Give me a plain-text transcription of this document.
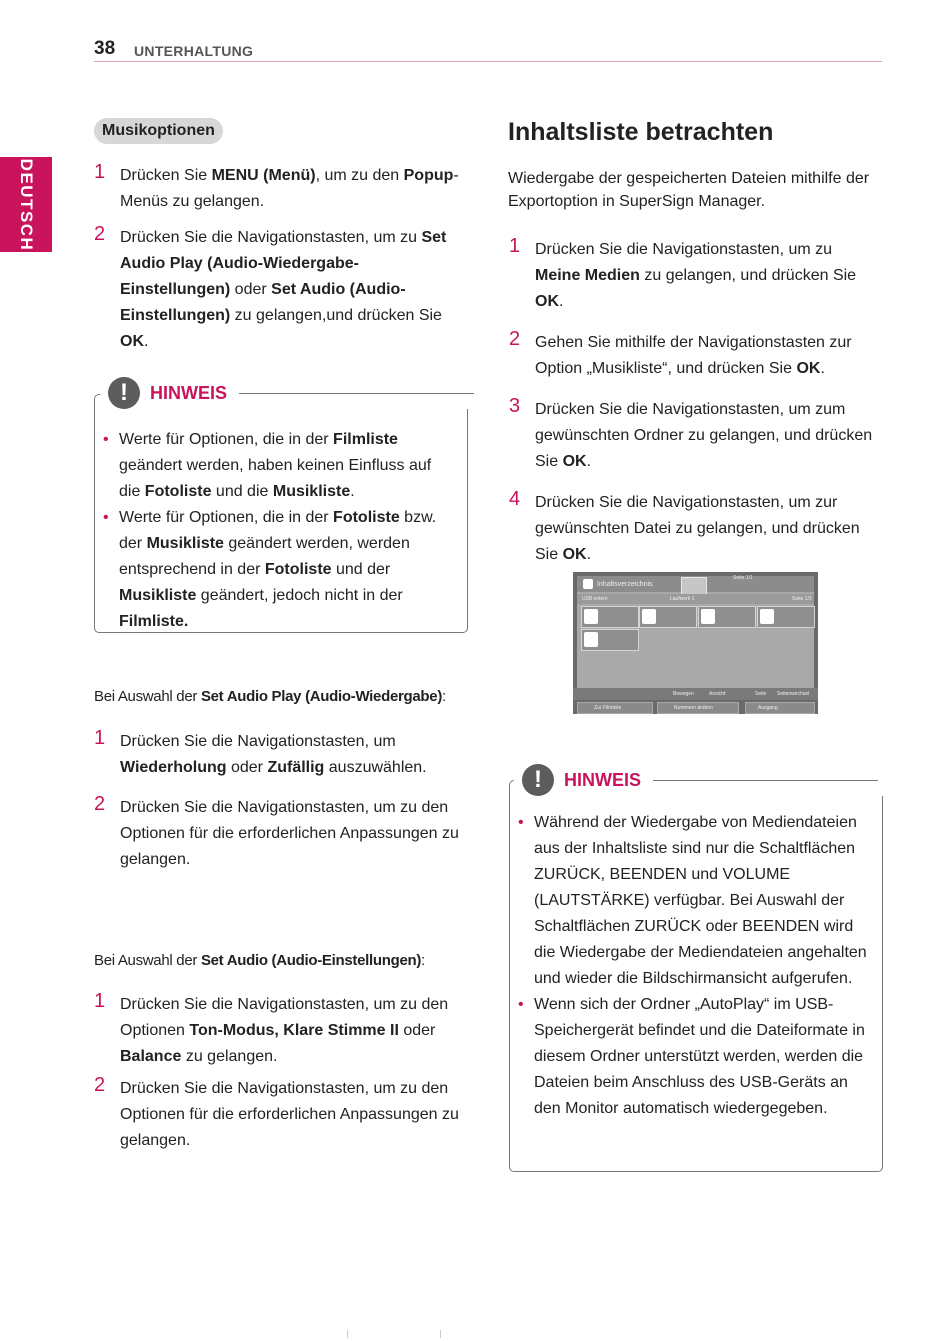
38 UNTERHALTUNG
DEUTSCH
Musikoptionen
1 Drücken Sie MENU (Menü), um zu den Popup-Menüs zu gelangen.
2 Drücken Sie die Navigationstasten, um zu Set Audio Play (Audio-Wiedergabe-Einstellungen) oder Set Audio (Audio-Einstellungen) zu gelangen,und drücken Sie OK.
!	HINWEIS
• Werte für Optionen, die in der Filmliste geändert werden, haben keinen Einfluss auf die Fotoliste und die Musikliste.
• Werte für Optionen, die in der Fotoliste bzw. der Musikliste geändert werden, werden entsprechend in der Fotoliste und der Musikliste geändert, jedoch nicht in der Filmliste.
Bei Auswahl der Set Audio Play (Audio-Wiedergabe):
1 Drücken Sie die Navigationstasten, um Wiederholung oder Zufällig auszuwählen.
2 Drücken Sie die Navigationstasten, um zu den Optionen für die erforderlichen Anpassungen zu gelangen.
Bei Auswahl der Set Audio (Audio-Einstellungen):
1 Drücken Sie die Navigationstasten, um zu den Optionen Ton-Modus, Klare Stimme II oder Balance zu gelangen.
2 Drücken Sie die Navigationstasten, um zu den Optionen für die erforderlichen Anpassungen zu gelangen.
Inhaltsliste betrachten
Wiedergabe der gespeicherten Dateien mithilfe der Exportoption in SuperSign Manager.
1 Drücken Sie die Navigationstasten, um zu Meine Medien zu gelangen, und drücken Sie OK.
2 Gehen Sie mithilfe der Navigationstasten zur Option „Musikliste“, und drücken Sie OK.
3 Drücken Sie die Navigationstasten, um zum gewünschten Ordner zu gelangen, und drücken Sie OK.
4 Drücken Sie die Navigationstasten, um zur gewünschten Datei zu gelangen, und drücken Sie OK.
Inhaltsverzeichnis
Seite 1/1
USB extern	Laufwerk 1	Seite 1/1
Bewegen	Ansicht	Seite Seitenwechsel
Zur Filmliste	Nummern ändern	Ausgang
!	HINWEIS
• Während der Wiedergabe von Mediendateien aus der Inhaltsliste sind nur die Schaltflächen ZURÜCK, BEENDEN und VOLUME (LAUTSTÄRKE) verfügbar. Bei Auswahl der Schaltflächen ZURÜCK oder BEENDEN wird die Wiedergabe der Mediendateien angehalten und wieder die Bildschirmansicht aufgerufen.
• Wenn sich der Ordner „AutoPlay“ im USB-Speichergerät befindet und die Dateiformate in diesem Ordner unterstützt werden, werden die Dateien beim Anschluss des USB-Geräts an den Monitor automatisch wiedergegeben.
